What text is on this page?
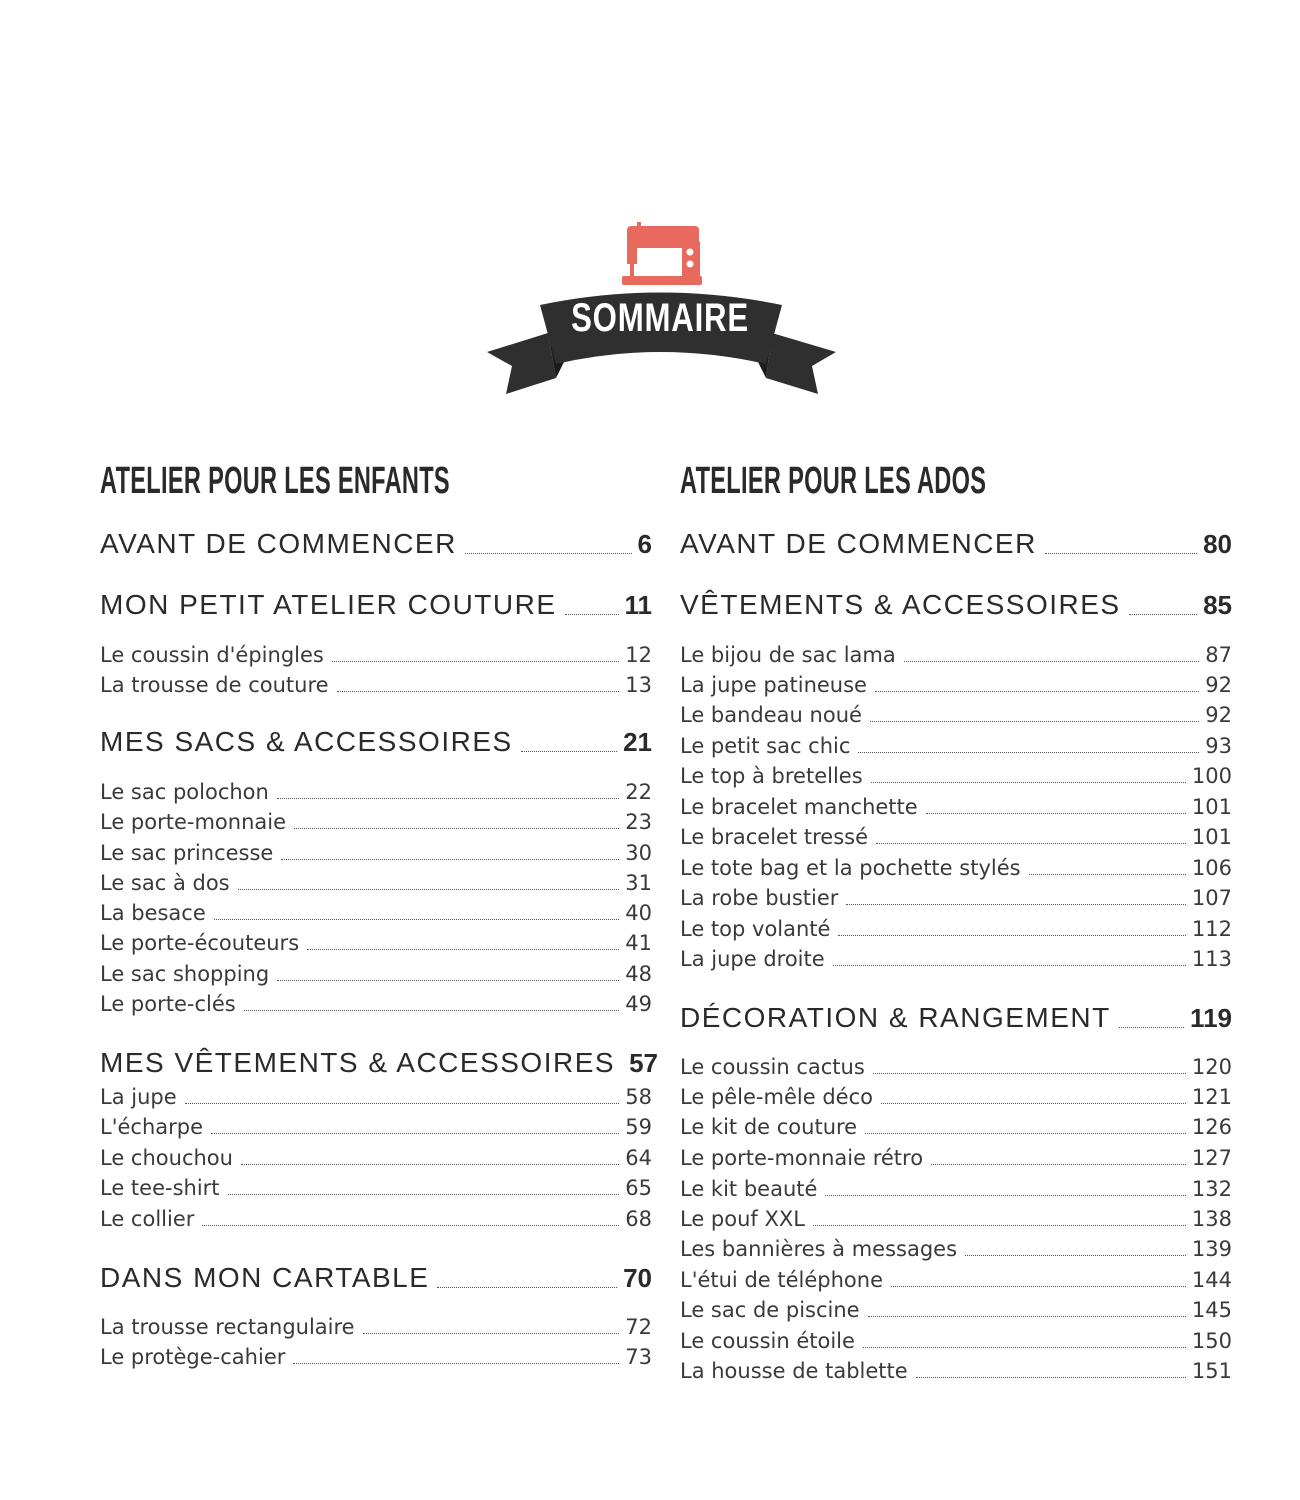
SOMMAIRE
ATELIER POUR LES ENFANTS
AVANT DE COMMENCER	6
MON PETIT ATELIER COUTURE	11
Le coussin d'épingles	12
La trousse de couture	13
MES SACS & ACCESSOIRES	21
Le sac polochon	22
Le porte-monnaie	23
Le sac princesse	30
Le sac à dos	31
La besace	40
Le porte-écouteurs	41
Le sac shopping	48
Le porte-clés	49
MES VÊTEMENTS & ACCESSOIRES 57
La jupe	58
L'écharpe	59
Le chouchou	64
Le tee-shirt	65
Le collier	68
DANS MON CARTABLE	70
La trousse rectangulaire	72
Le protège-cahier	73
ATELIER POUR LES ADOS
AVANT DE COMMENCER	80
VÊTEMENTS & ACCESSOIRES	85
Le bijou de sac lama	87
La jupe patineuse	92
Le bandeau noué	92
Le petit sac chic	93
Le top à bretelles	100
Le bracelet manchette	101
Le bracelet tressé	101
Le tote bag et la pochette stylés	106
La robe bustier	107
Le top volanté	112
La jupe droite	113
DÉCORATION & RANGEMENT	119
Le coussin cactus	120
Le pêle-mêle déco	121
Le kit de couture	126
Le porte-monnaie rétro	127
Le kit beauté	132
Le pouf XXL	138
Les bannières à messages	139
L'étui de téléphone	144
Le sac de piscine	145
Le coussin étoile	150
La housse de tablette	151
